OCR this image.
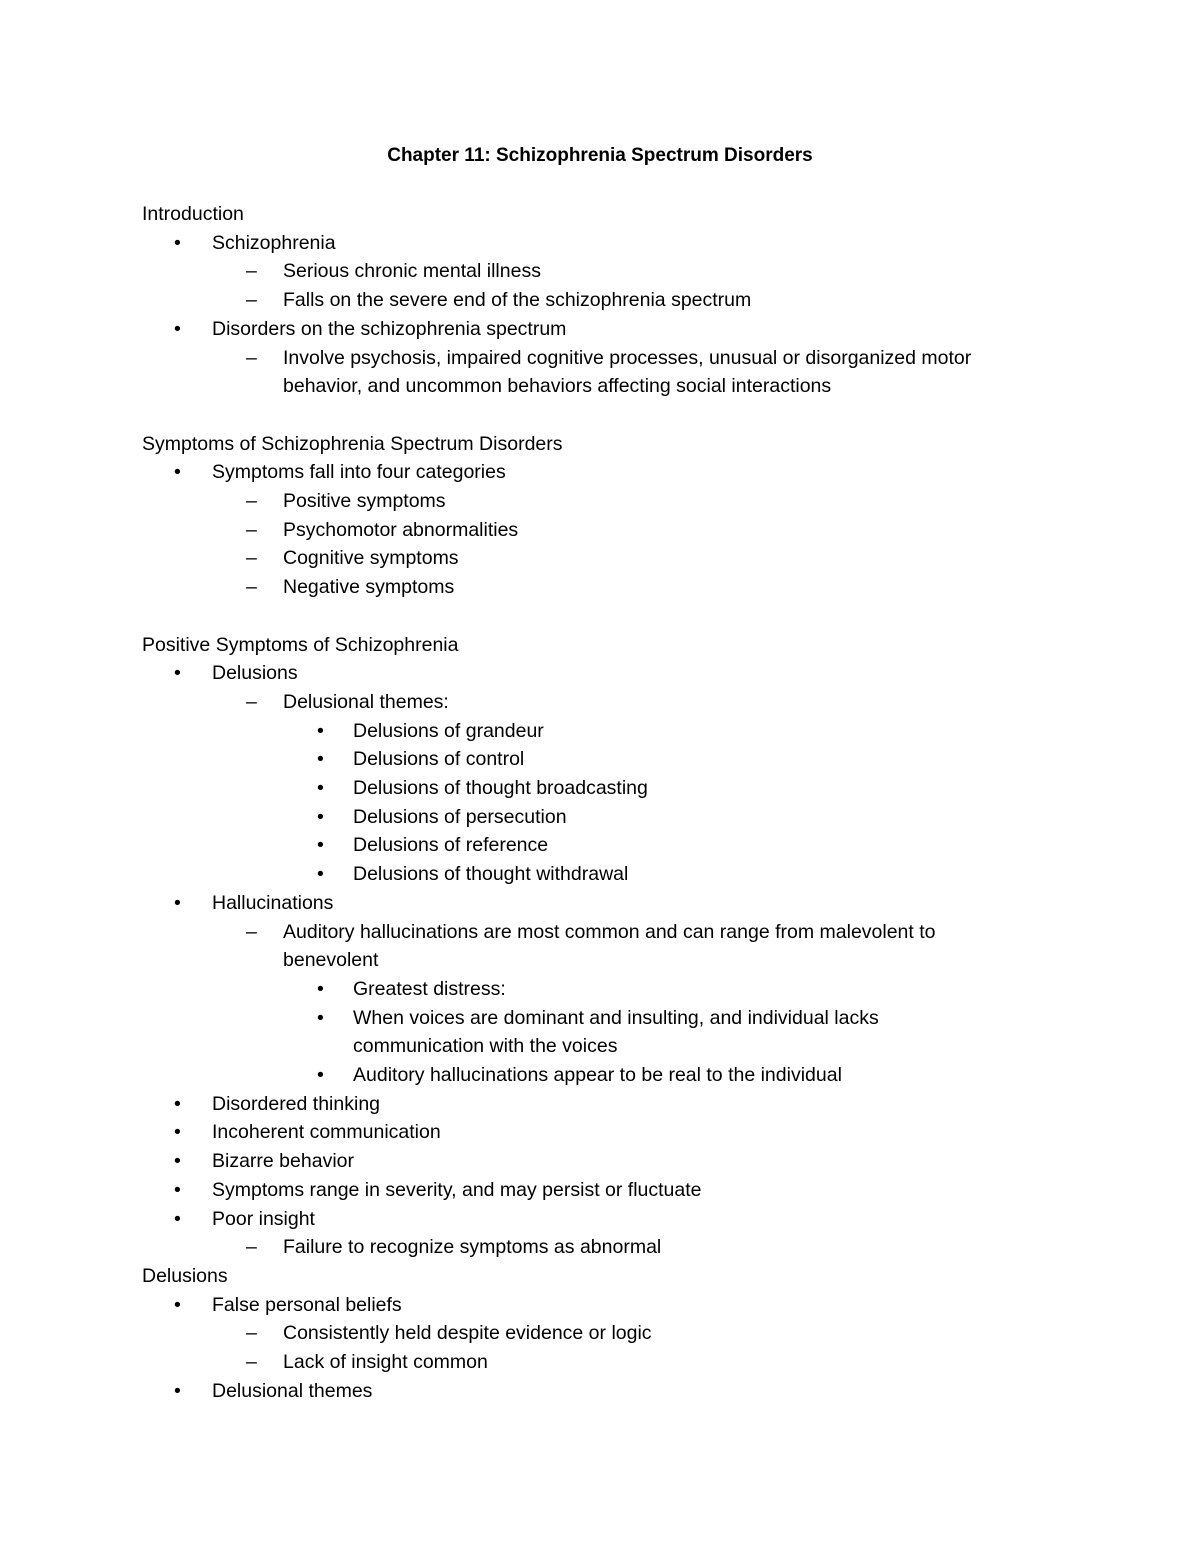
Chapter 11: Schizophrenia Spectrum Disorders
Introduction
• Schizophrenia
– Serious chronic mental illness
– Falls on the severe end of the schizophrenia spectrum
• Disorders on the schizophrenia spectrum
– Involve psychosis, impaired cognitive processes, unusual or disorganized motor
behavior, and uncommon behaviors affecting social interactions
Symptoms of Schizophrenia Spectrum Disorders
• Symptoms fall into four categories
– Positive symptoms
– Psychomotor abnormalities
– Cognitive symptoms
– Negative symptoms
Positive Symptoms of Schizophrenia
• Delusions
– Delusional themes:
• Delusions of grandeur
• Delusions of control
• Delusions of thought broadcasting
• Delusions of persecution
• Delusions of reference
• Delusions of thought withdrawal
• Hallucinations
– Auditory hallucinations are most common and can range from malevolent to
benevolent
• Greatest distress:
• When voices are dominant and insulting, and individual lacks
communication with the voices
• Auditory hallucinations appear to be real to the individual
• Disordered thinking
• Incoherent communication
• Bizarre behavior
• Symptoms range in severity, and may persist or fluctuate
• Poor insight
– Failure to recognize symptoms as abnormal
Delusions
• False personal beliefs
– Consistently held despite evidence or logic
– Lack of insight common
• Delusional themes
